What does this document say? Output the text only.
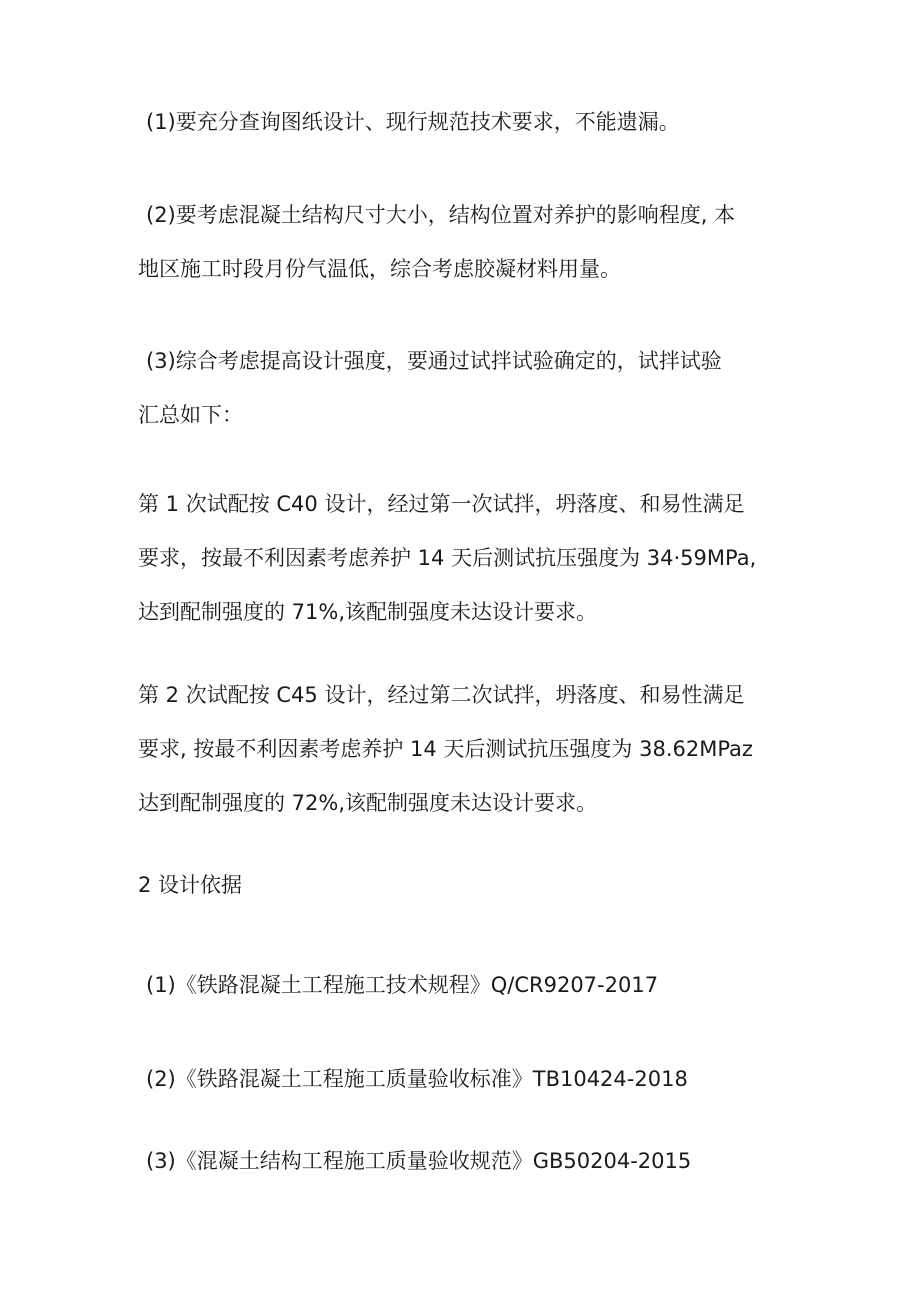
(1)要充分查询图纸设计、现行规范技术要求，不能遗漏。

(2)要考虑混凝土结构尺寸大小，结构位置对养护的影响程度, 本
地区施工时段月份气温低，综合考虑胶凝材料用量。

(3)综合考虑提高设计强度，要通过试拌试验确定的，试拌试验
汇总如下：

第 1 次试配按 C40 设计，经过第一次试拌，坍落度、和易性满足
要求，按最不利因素考虑养护 14 天后测试抗压强度为 34·59MPa,
达到配制强度的 71%,该配制强度未达设计要求。

第 2 次试配按 C45 设计，经过第二次试拌，坍落度、和易性满足
要求, 按最不利因素考虑养护 14 天后测试抗压强度为 38.62MPaz
达到配制强度的 72%,该配制强度未达设计要求。

2 设计依据

(1)《铁路混凝土工程施工技术规程》Q/CR9207-2017

(2)《铁路混凝土工程施工质量验收标准》TB10424-2018

(3)《混凝土结构工程施工质量验收规范》GB50204-2015
